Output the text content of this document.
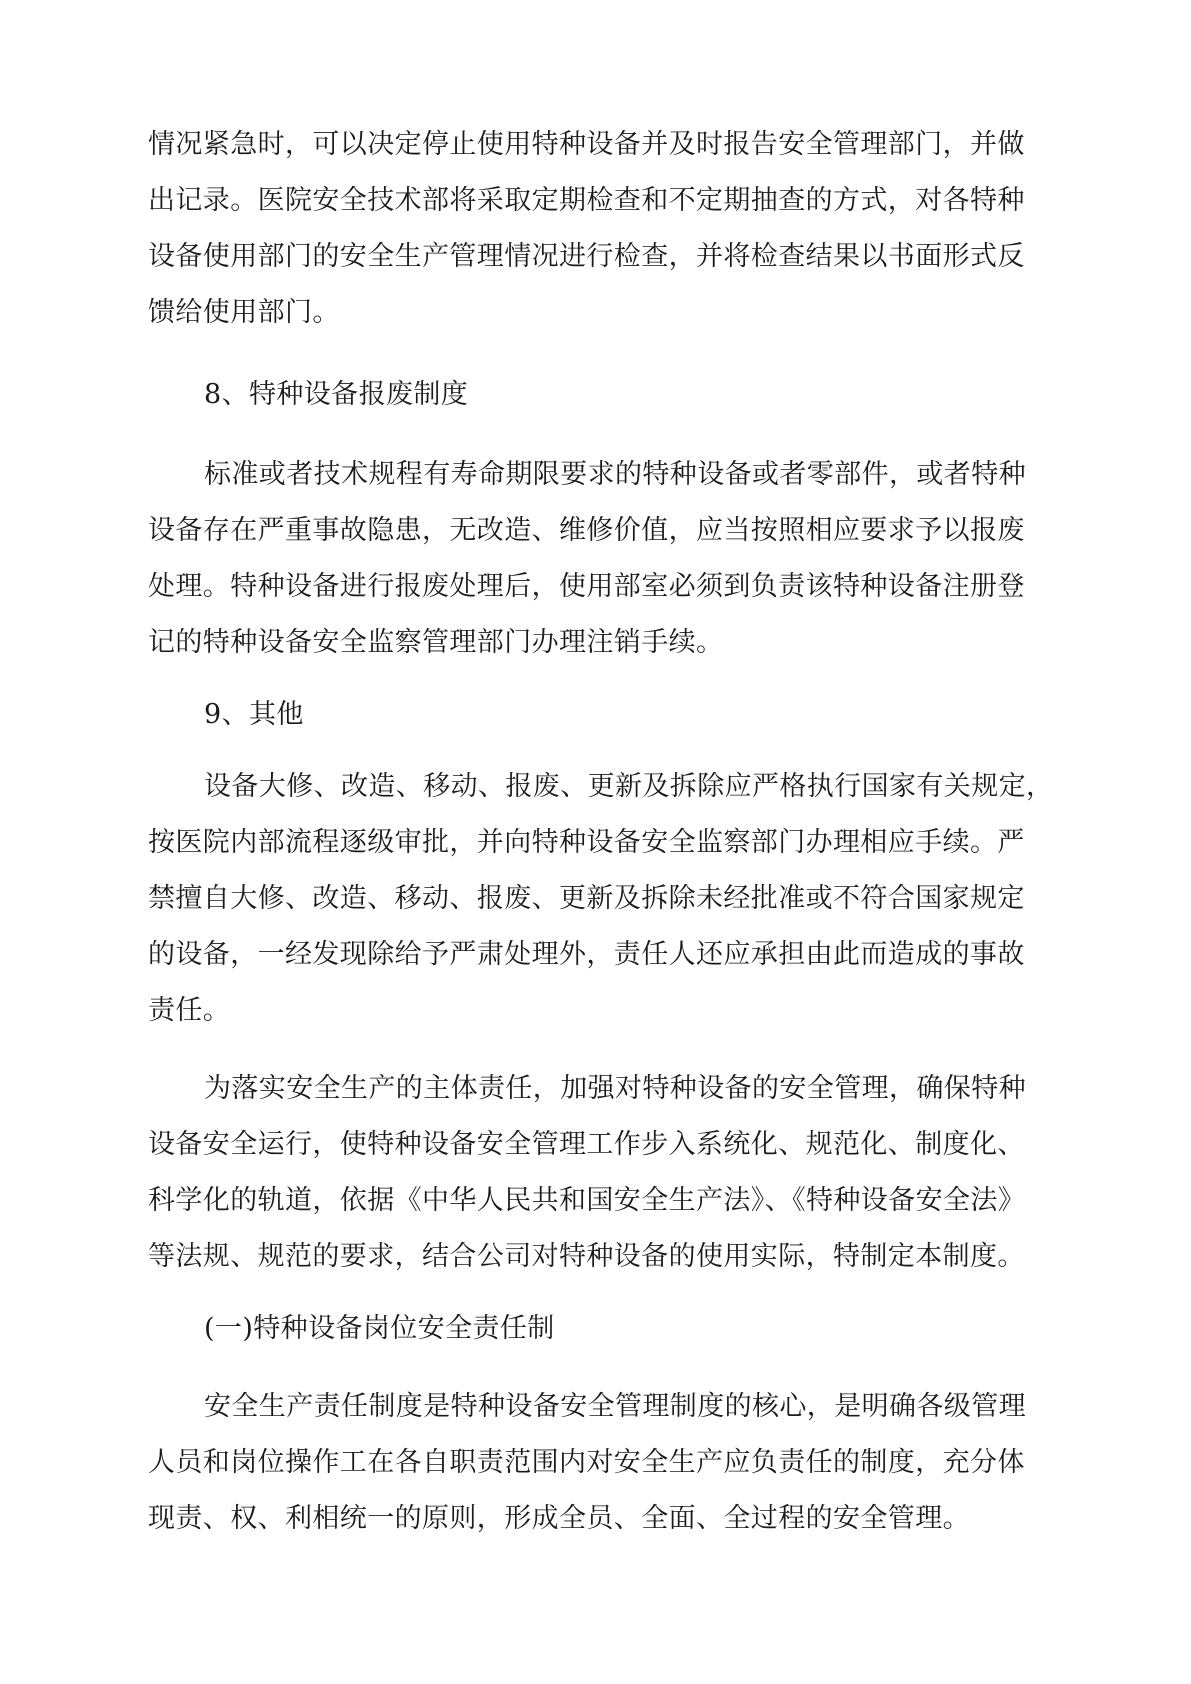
情况紧急时，可以决定停止使用特种设备并及时报告安全管理部门，并做
出记录。医院安全技术部将采取定期检查和不定期抽查的方式，对各特种
设备使用部门的安全生产管理情况进行检查，并将检查结果以书面形式反
馈给使用部门。
8、特种设备报废制度
标准或者技术规程有寿命期限要求的特种设备或者零部件，或者特种
设备存在严重事故隐患，无改造、维修价值，应当按照相应要求予以报废
处理。特种设备进行报废处理后，使用部室必须到负责该特种设备注册登
记的特种设备安全监察管理部门办理注销手续。
9、其他
设备大修、改造、移动、报废、更新及拆除应严格执行国家有关规定，
按医院内部流程逐级审批，并向特种设备安全监察部门办理相应手续。严
禁擅自大修、改造、移动、报废、更新及拆除未经批准或不符合国家规定
的设备，一经发现除给予严肃处理外，责任人还应承担由此而造成的事故
责任。
为落实安全生产的主体责任，加强对特种设备的安全管理，确保特种
设备安全运行，使特种设备安全管理工作步入系统化、规范化、制度化、
科学化的轨道，依据《中华人民共和国安全生产法》、《特种设备安全法》
等法规、规范的要求，结合公司对特种设备的使用实际，特制定本制度。
(一)特种设备岗位安全责任制
安全生产责任制度是特种设备安全管理制度的核心，是明确各级管理
人员和岗位操作工在各自职责范围内对安全生产应负责任的制度，充分体
现责、权、利相统一的原则，形成全员、全面、全过程的安全管理。
